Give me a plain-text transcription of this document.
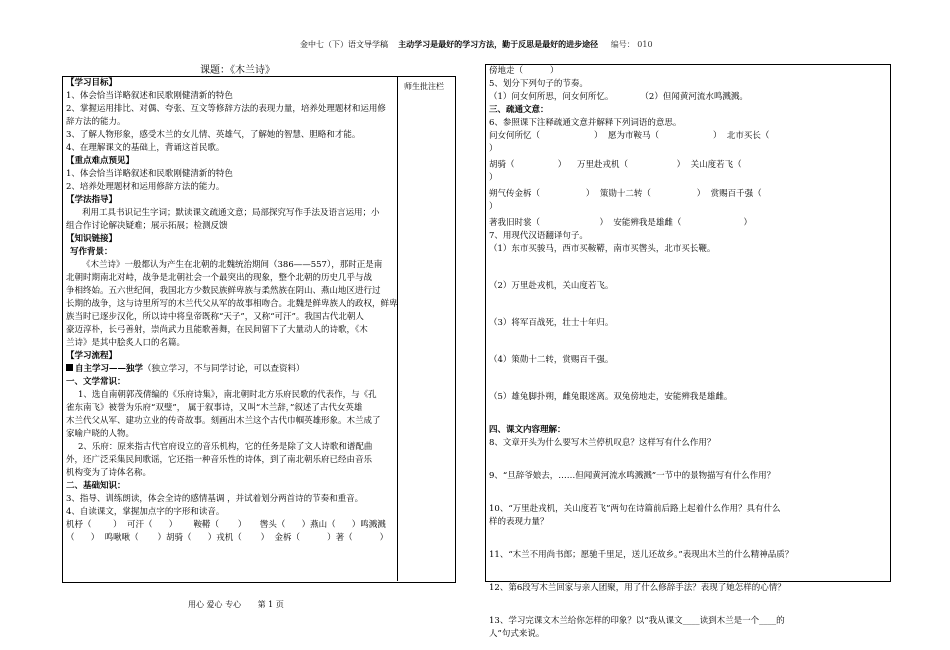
金中七（下）语文导学稿 主动学习是最好的学习方法，勤于反思是最好的进步途径 编号： 010
课题：《木兰诗》
师生批注栏
【学习目标】
1、体会恰当详略叙述和民歌刚健清新的特色
2、掌握运用排比、对偶、夸张、互文等修辞方法的表现力量，培养处理题材和运用修
辞方法的能力。
3、了解人物形象，感受木兰的女儿情、英雄气，了解她的智慧、胆略和才能。
4、在理解课文的基础上，背诵这首民歌。
【重点难点预见】
1、体会恰当详略叙述和民歌刚健清新的特色
2、培养处理题材和运用修辞方法的能力。
【学法指导】
利用工具书识记生字词；默读课文疏通文意；局部探究写作手法及语言运用；小
组合作讨论解决疑难；展示拓展；检测反馈
【知识链接】
写作背景：
《木兰诗》一般都认为产生在北朝的北魏统治期间（386——557），那时正是南
北朝时期南北对峙，战争是北朝社会一个最突出的现象，整个北朝的历史几乎与战
争相终始。五六世纪间，我国北方少数民族鲜卑族与柔然族在阴山、燕山地区进行过
长期的战争，这与诗里所写的木兰代父从军的故事相吻合。北魏是鲜卑族人的政权，鲜卑
族当时已逐步汉化，所以诗中将皇帝既称“天子”，又称“可汗”。我国古代北朝人
豪迈淳朴，长弓善射，崇尚武力且能歌善舞，在民间留下了大量动人的诗歌，《木
兰诗》是其中脍炙人口的名篇。
【学习流程】
自主学习——独学（独立学习，不与同学讨论，可以查资料）
一、文学常识：
1、选自南朝郭茂倩编的《乐府诗集》，南北朝时北方乐府民歌的代表作，与《孔
雀东南飞》被誉为乐府“双璧”， 属于叙事诗，又叫“木兰辞，”叙述了古代女英雄
木兰代父从军、建功立业的传奇故事。刻画出木兰这个古代巾帼英雄形象。木兰成了
家喻户晓的人物。
2、乐府：原来指古代官府设立的音乐机构，它的任务是除了文人诗歌和谱配曲
外，还广泛采集民间歌谣，它还指一种音乐性的诗体，到了南北朝乐府已经由音乐
机构变为了诗体名称。
二、基础知识：
3、指导、训练朗读，体会全诗的感情基调 ，并试着划分两首诗的节奏和重音。
4、自读课文，掌握加点字的字形和读音。
机杼（        ）  可汗（      ）      鞍鞯（       ）     辔头（      ）燕山（      ）鸣溅溅
（      ）  鸣啾啾（       ）胡骑（      ）戎机（       ）  金柝（          ）著（          ）
傍地走（          ）
5、划分下列句子的节奏。
（1）问女何所思，问女何所忆。          （2）但闻黄河流水鸣溅溅。
三、疏通文意：
6、参照课下注释疏通文意并解释下列词语的意思。
问女何所忆（                    ）  愿为市鞍马（                    ）  北市买长（
）
胡骑（                ）    万里赴戎机（                  ）  关山度若飞（
）
朔气传金柝（                 ）  策勋十二转（                 ）  赏赐百千强（
）
著我旧时裳（                      ）  安能辨我是雄雌（                       ）
7、用现代汉语翻译句子。
（1）东市买骏马，西市买鞍鞯，南市买辔头，北市买长鞭。
（2）万里赴戎机，关山度若飞。
（3）将军百战死，壮士十年归。
（4）策勋十二转，赏赐百千强。
（5）雄兔脚扑朔，雌兔眼迷离。双兔傍地走，安能辨我是雄雌。
四、课文内容理解：
8、文章开头为什么要写木兰停机叹息？这样写有什么作用？
9、“旦辞爷娘去，……但闻黄河流水鸣溅溅”一节中的景物描写有什么作用？
10、“万里赴戎机，关山度若飞”两句在诗篇前后路上起着什么作用？具有什么
样的表现力量？
11、“木兰不用尚书郎；愿驰千里足，送儿还故乡。”表现出木兰的什么精神品质？
12、第6段写木兰回家与亲人团聚，用了什么修辞手法？表现了她怎样的心情？
13、学习完课文木兰给你怎样的印象？以“我从课文____读到木兰是一个____的
人”句式来说。
用心 爱心 专心 第 1 页
